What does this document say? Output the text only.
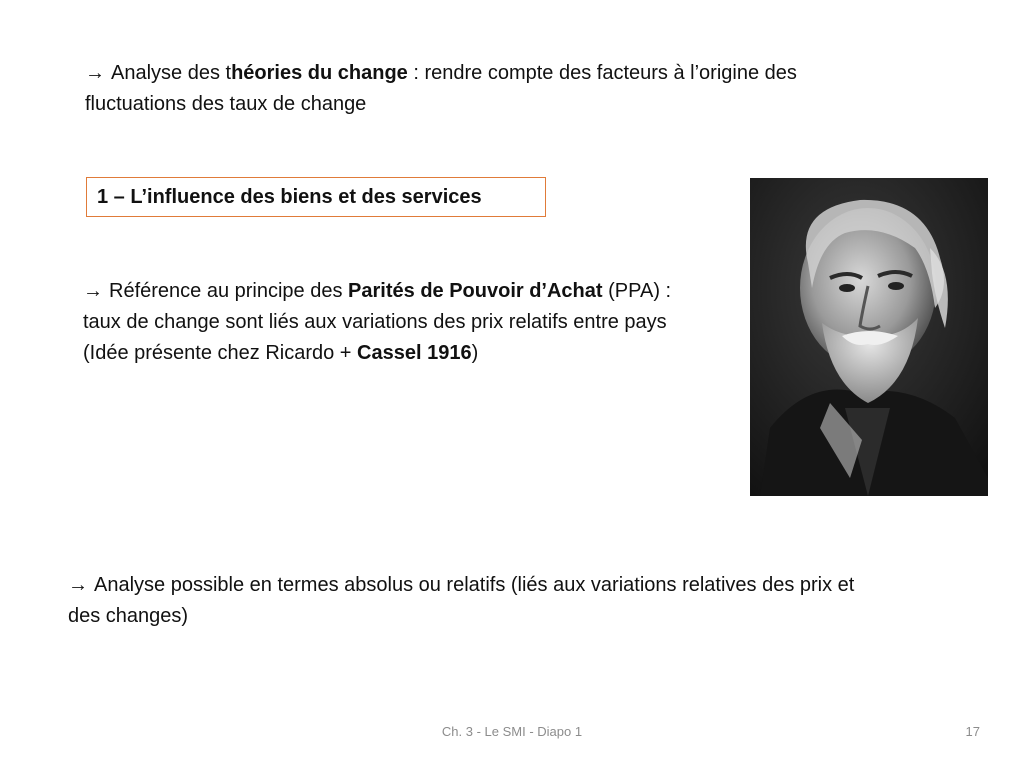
→ Analyse des théories du change : rendre compte des facteurs à l’origine des fluctuations des taux de change
1 – L’influence des biens et des services
→ Référence au principe des Parités de Pouvoir d’Achat (PPA) : taux de change sont liés aux variations des prix relatifs entre pays (Idée présente chez Ricardo + Cassel 1916)
→ Analyse possible en termes absolus ou relatifs (liés aux variations relatives des prix et des changes)
Ch. 3 - Le SMI - Diapo 1	17
